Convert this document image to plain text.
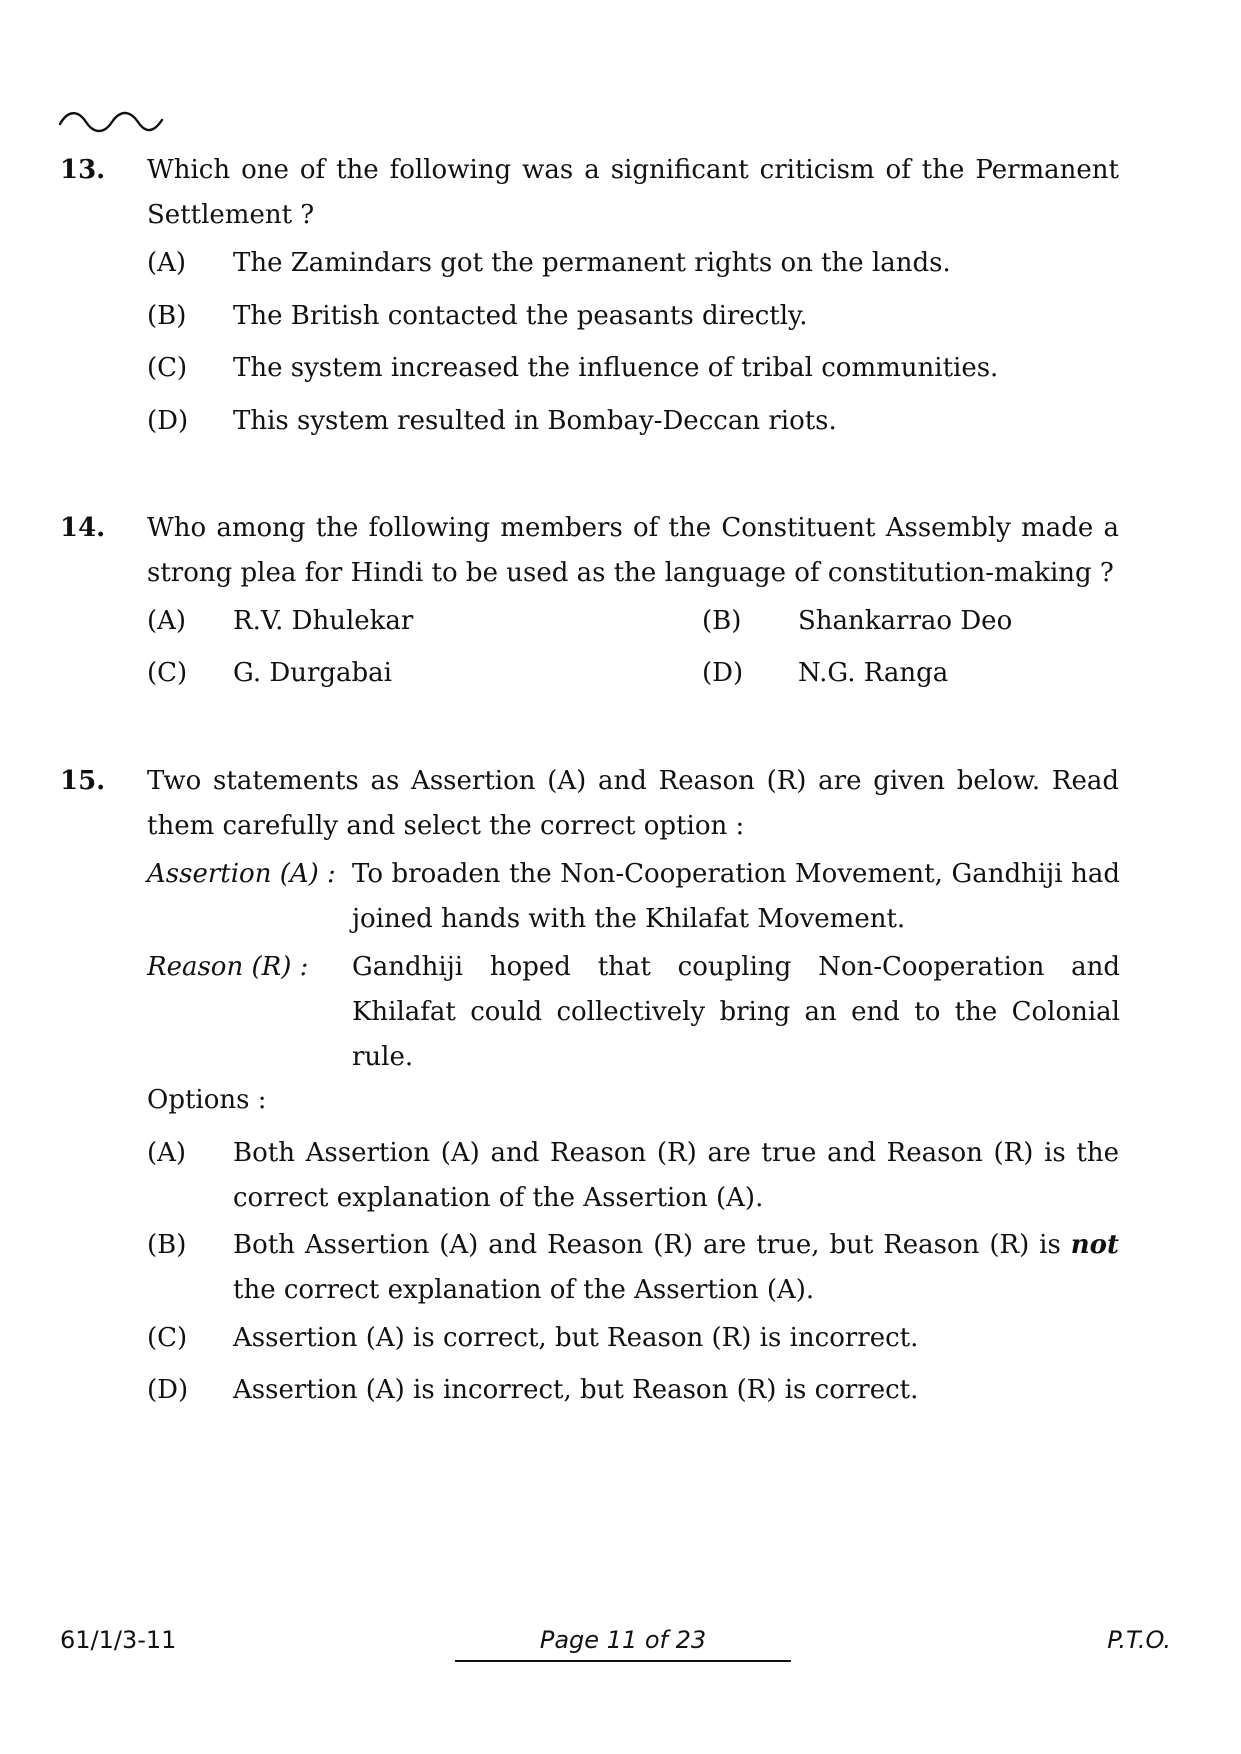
13. Which one of the following was a significant criticism of the Permanent Settlement ?
(A) The Zamindars got the permanent rights on the lands.
(B) The British contacted the peasants directly.
(C) The system increased the influence of tribal communities.
(D) This system resulted in Bombay-Deccan riots.
14. Who among the following members of the Constituent Assembly made a strong plea for Hindi to be used as the language of constitution-making ?
(A) R.V. Dhulekar	(B) Shankarrao Deo
(C) G. Durgabai	(D) N.G. Ranga
15. Two statements as Assertion (A) and Reason (R) are given below. Read them carefully and select the correct option :
Assertion (A) : To broaden the Non-Cooperation Movement, Gandhiji had joined hands with the Khilafat Movement.
Reason (R) : Gandhiji hoped that coupling Non-Cooperation and Khilafat could collectively bring an end to the Colonial rule.
Options :
(A) Both Assertion (A) and Reason (R) are true and Reason (R) is the correct explanation of the Assertion (A).
(B) Both Assertion (A) and Reason (R) are true, but Reason (R) is not the correct explanation of the Assertion (A).
(C) Assertion (A) is correct, but Reason (R) is incorrect.
(D) Assertion (A) is incorrect, but Reason (R) is correct.
61/1/3-11	Page 11 of 23	P.T.O.
